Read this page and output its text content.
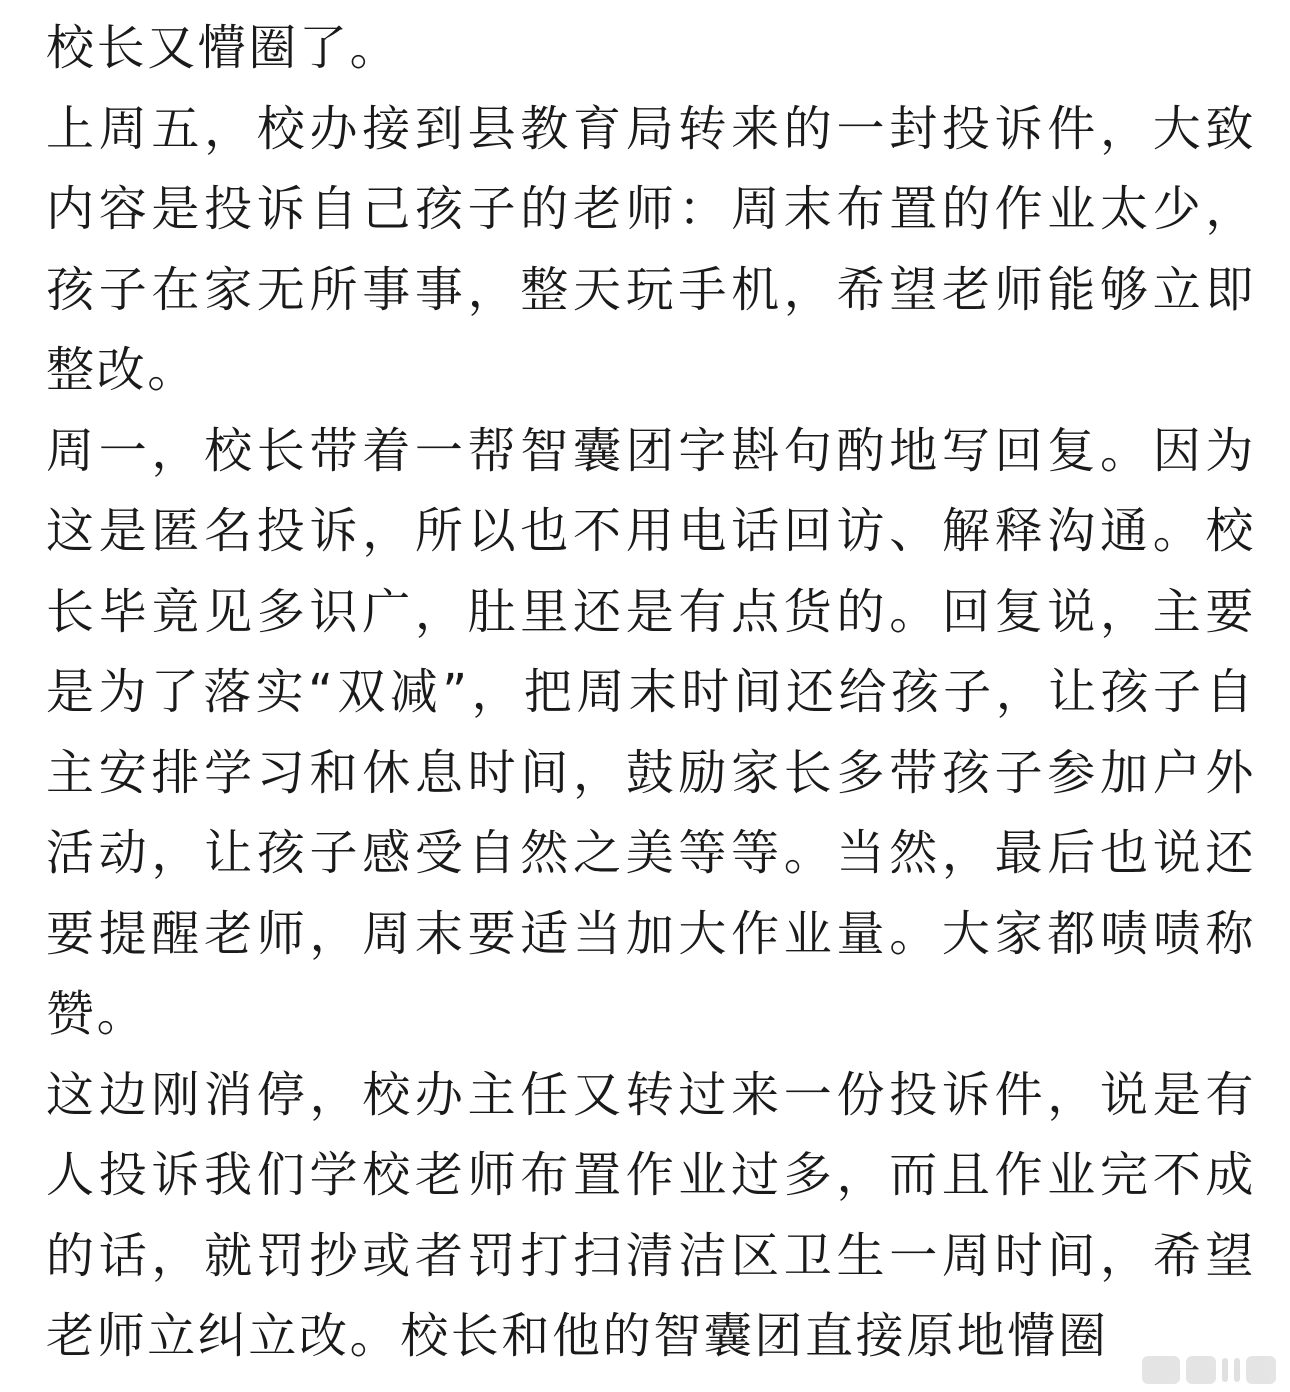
校长又懵圈了。

上周五，校办接到县教育局转来的一封投诉件，大致内容是投诉自己孩子的老师：周末布置的作业太少，孩子在家无所事事，整天玩手机，希望老师能够立即整改。

周一，校长带着一帮智囊团字斟句酌地写回复。因为这是匿名投诉，所以也不用电话回访、解释沟通。校长毕竟见多识广，肚里还是有点货的。回复说，主要是为了落实“双减”，把周末时间还给孩子，让孩子自主安排学习和休息时间，鼓励家长多带孩子参加户外活动，让孩子感受自然之美等等。当然，最后也说还要提醒老师，周末要适当加大作业量。大家都啧啧称赞。

这边刚消停，校办主任又转过来一份投诉件，说是有人投诉我们学校老师布置作业过多，而且作业完不成的话，就罚抄或者罚打扫清洁区卫生一周时间，希望老师立纠立改。校长和他的智囊团直接原地懵圈
